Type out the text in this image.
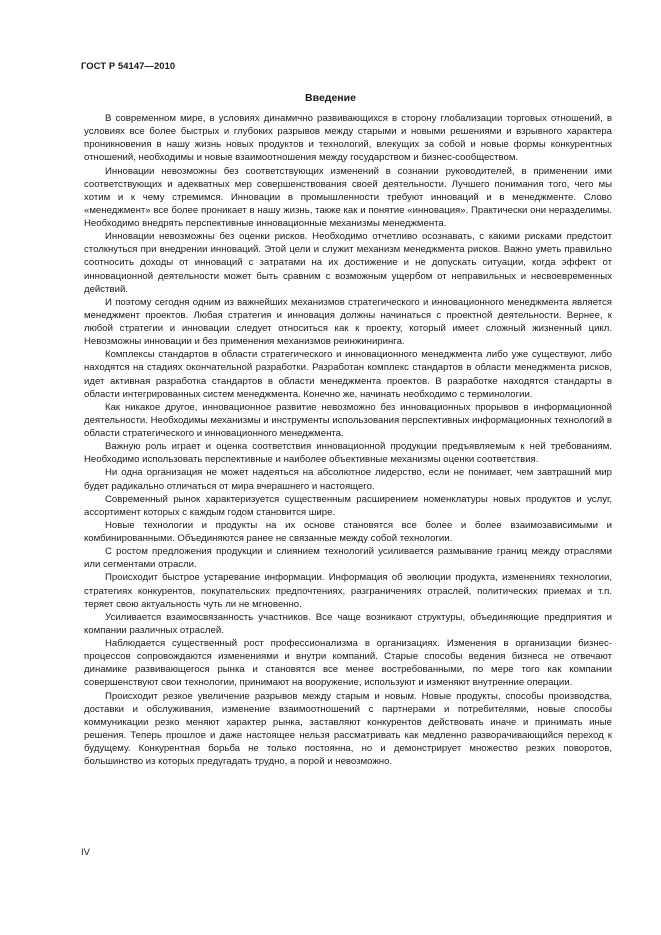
ГОСТ Р 54147—2010
Введение

В современном мире, в условиях динамично развивающихся в сторону глобализации торговых отношений, в условиях все более быстрых и глубоких разрывов между старыми и новыми решениями и взрывного характера проникновения в нашу жизнь новых продуктов и технологий, влекущих за собой и новые формы конкурентных отношений, необходимы и новые взаимоотношения между государством и бизнес-сообществом.

Инновации невозможны без соответствующих изменений в сознании руководителей, в применении ими соответствующих и адекватных мер совершенствования своей деятельности. Лучшего понимания того, чего мы хотим и к чему стремимся. Инновации в промышленности требуют инноваций и в менеджменте. Слово «менеджмент» все более проникает в нашу жизнь, также как и понятие «инновация». Практически они неразделимы. Необходимо внедрять перспективные инновационные механизмы менеджмента.

Инновации невозможны без оценки рисков. Необходимо отчетливо осознавать, с какими рисками предстоит столкнуться при внедрении инноваций. Этой цели и служит механизм менеджмента рисков. Важно уметь правильно соотносить доходы от инноваций с затратами на их достижение и не допускать ситуации, когда эффект от инновационной деятельности может быть сравним с возможным ущербом от неправильных и несвоевременных действий.

И поэтому сегодня одним из важнейших механизмов стратегического и инновационного менеджмента является менеджмент проектов. Любая стратегия и инновация должны начинаться с проектной деятельности. Вернее, к любой стратегии и инновации следует относиться как к проекту, который имеет сложный жизненный цикл. Невозможны инновации и без применения механизмов реинжиниринга.

Комплексы стандартов в области стратегического и инновационного менеджмента либо уже существуют, либо находятся на стадиях окончательной разработки. Разработан комплекс стандартов в области менеджмента рисков, идет активная разработка стандартов в области менеджмента проектов. В разработке находятся стандарты в области интегрированных систем менеджмента. Конечно же, начинать необходимо с терминологии.

Как никакое другое, инновационное развитие невозможно без инновационных прорывов в информационной деятельности. Необходимы механизмы и инструменты использования перспективных информационных технологий в области стратегического и инновационного менеджмента.

Важную роль играет и оценка соответствия инновационной продукции предъявляемым к ней требованиям. Необходимо использовать перспективные и наиболее объективные механизмы оценки соответствия.

Ни одна организация не может надеяться на абсолютное лидерство, если не понимает, чем завтрашний мир будет радикально отличаться от мира вчерашнего и настоящего.

Современный рынок характеризуется существенным расширением номенклатуры новых продуктов и услуг, ассортимент которых с каждым годом становится шире.

Новые технологии и продукты на их основе становятся все более и более взаимозависимыми и комбинированными. Объединяются ранее не связанные между собой технологии.

С ростом предложения продукции и слиянием технологий усиливается размывание границ между отраслями или сегментами отрасли.

Происходит быстрое устаревание информации. Информация об эволюции продукта, изменениях технологии, стратегиях конкурентов, покупательских предпочтениях, разграничениях отраслей, политических приемах и т.п. теряет свою актуальность чуть ли не мгновенно.

Усиливается взаимосвязанность участников. Все чаще возникают структуры, объединяющие предприятия и компании различных отраслей.

Наблюдается существенный рост профессионализма в организациях. Изменения в организации бизнес-процессов сопровождаются изменениями и внутри компаний. Старые способы ведения бизнеса не отвечают динамике развивающегося рынка и становятся все менее востребованными, по мере того как компании совершенствуют свои технологии, принимают на вооружение, используют и изменяют внутренние операции.

Происходит резкое увеличение разрывов между старым и новым. Новые продукты, способы производства, доставки и обслуживания, изменение взаимоотношений с партнерами и потребителями, новые способы коммуникации резко меняют характер рынка, заставляют конкурентов действовать иначе и принимать иные решения. Теперь прошлое и даже настоящее нельзя рассматривать как медленно разворачивающийся переход к будущему. Конкурентная борьба не только постоянна, но и демонстрирует множество резких поворотов, большинство из которых предугадать трудно, а порой и невозможно.

IV
